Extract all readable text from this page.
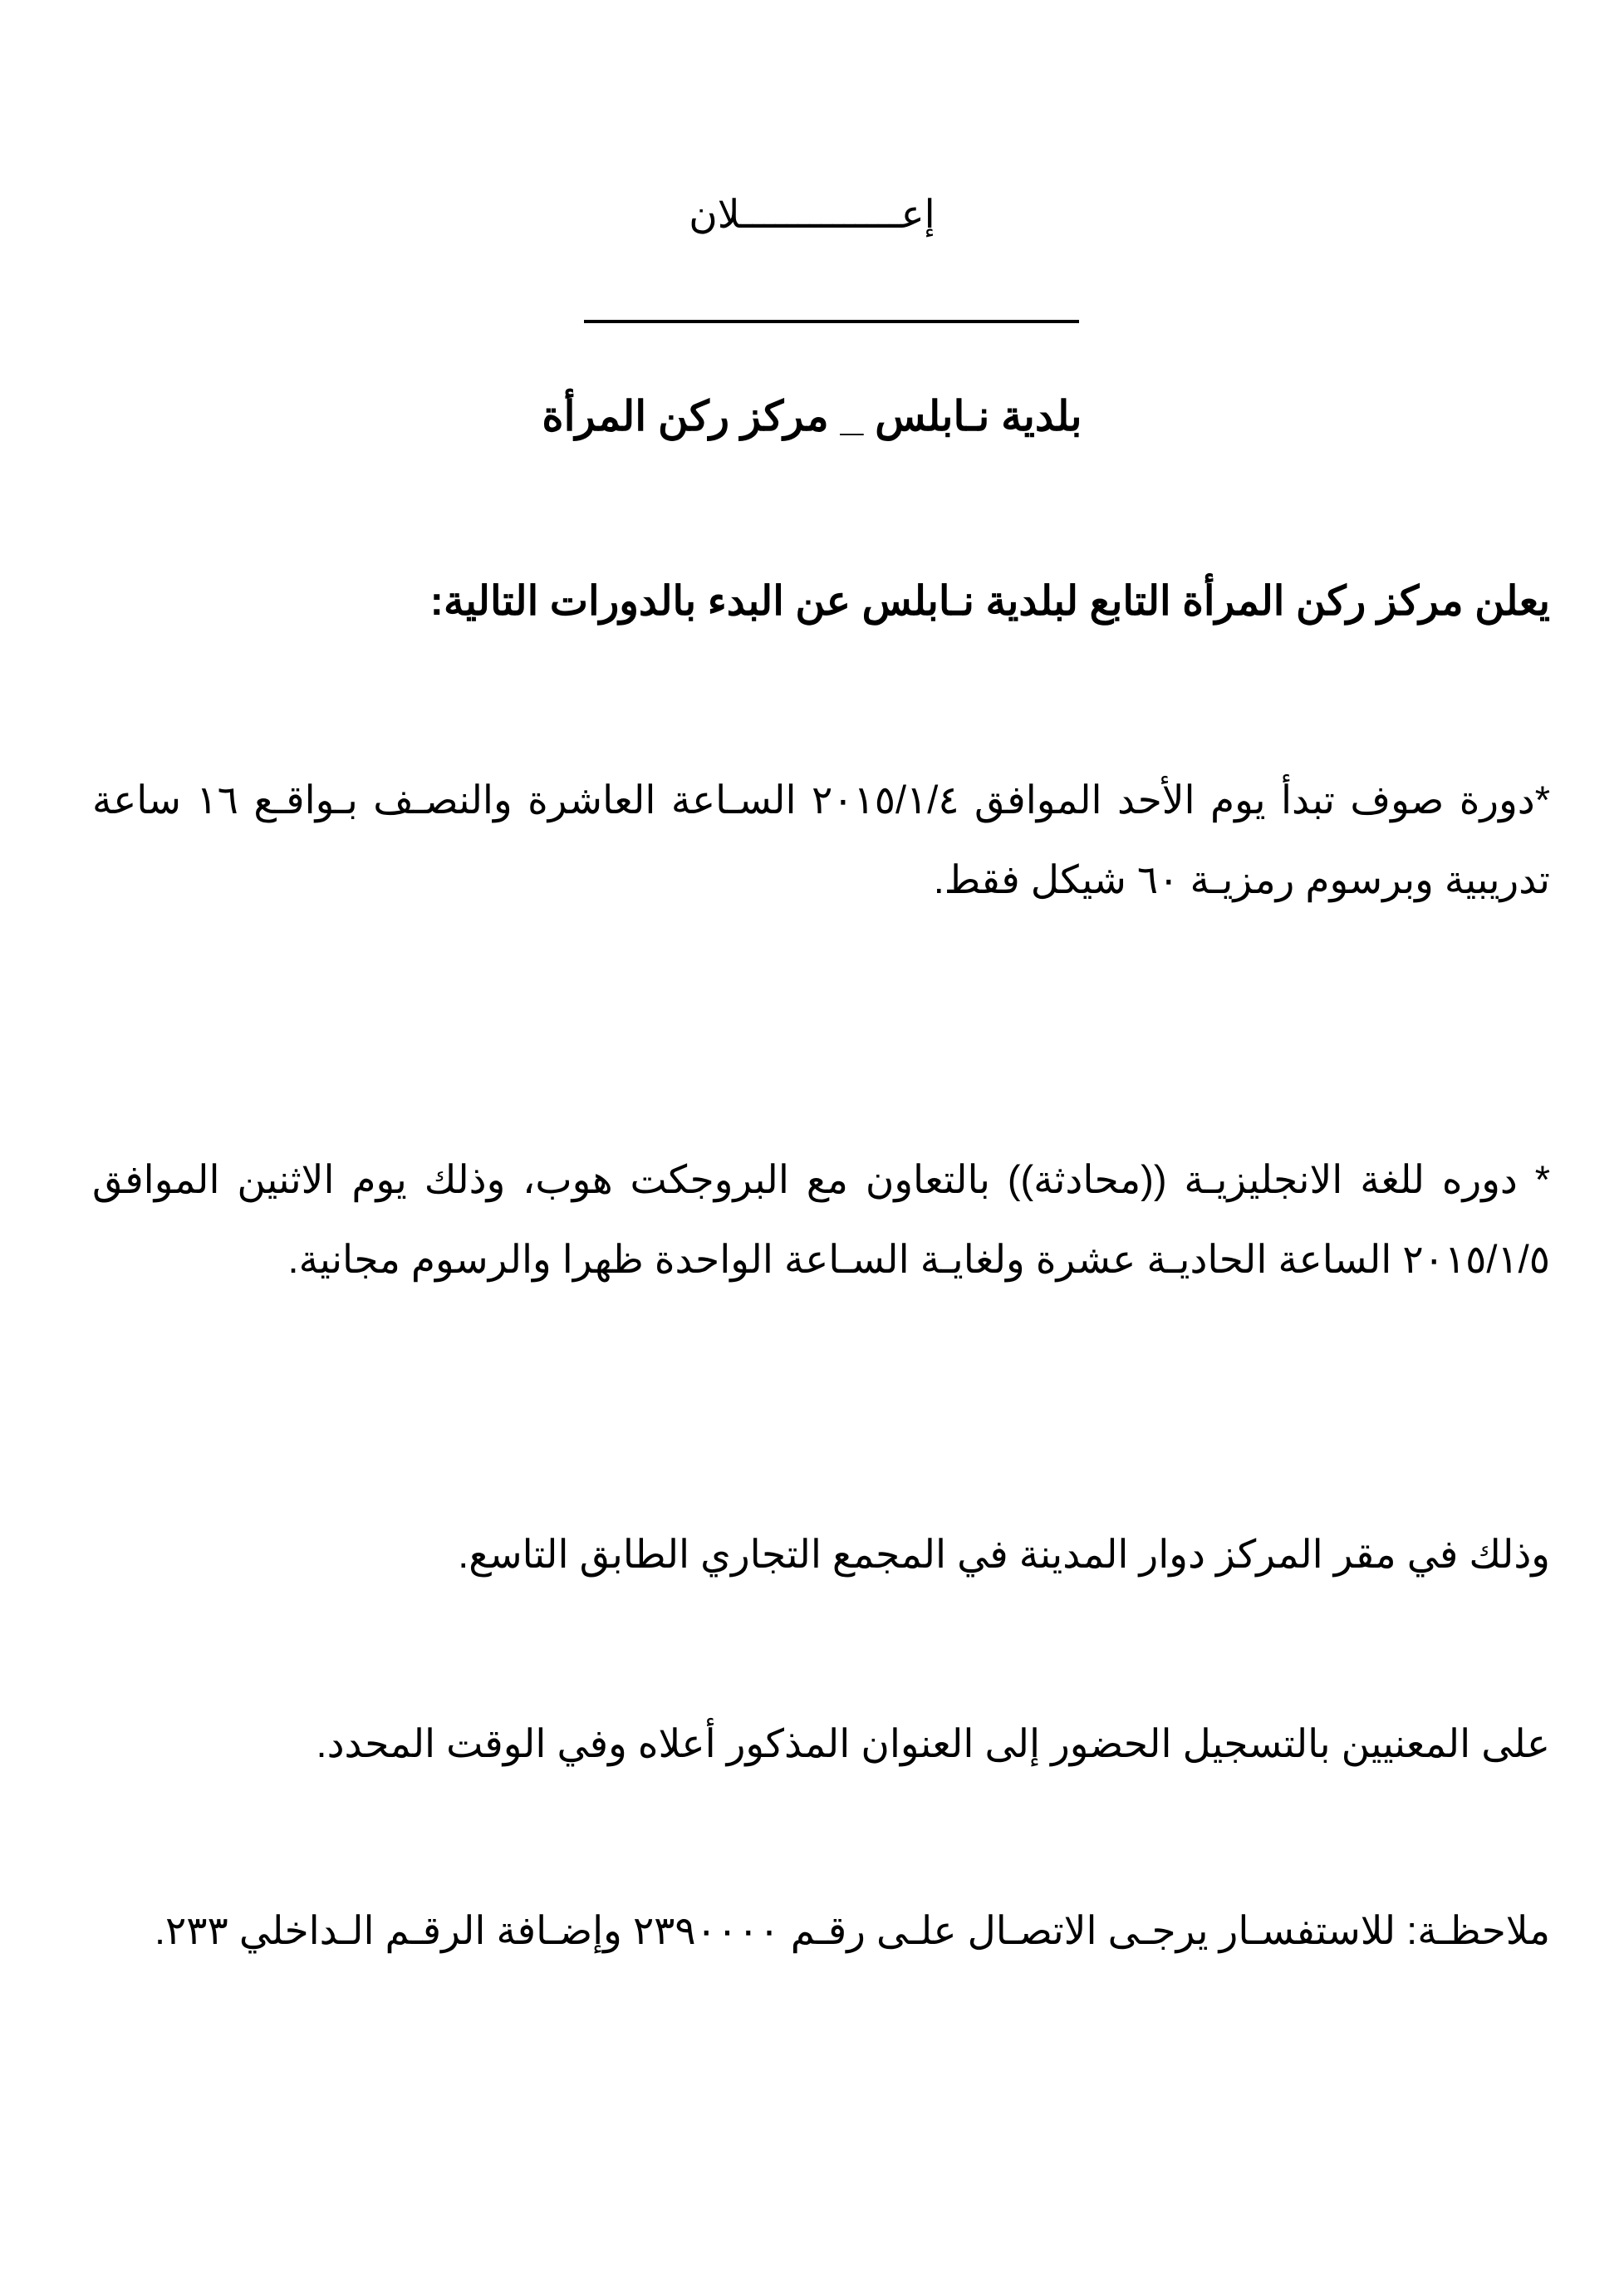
إعــــــــــــــلان
بلدية نـابلس _ مركز ركن المرأة
يعلن مركز ركن المرأة التابع لبلدية نـابلس عن البدء بالدورات التالية:
*دورة صوف تبدأ يوم الأحد الموافق ٢٠١٥/١/٤ السـاعة العاشرة والنصـف بـواقـع ١٦ ساعة تدريبية وبرسوم رمزيـة ٦٠ شيكل فقط.
* دوره للغة الانجليزيـة ((محادثة)) بالتعاون مع البروجكت هوب، وذلك يوم الاثنين الموافق ٢٠١٥/١/٥ الساعة الحاديـة عشرة ولغايـة السـاعة الواحدة ظهرا والرسوم مجانية.
وذلك في مقر المركز دوار المدينة في المجمع التجاري الطابق التاسع.
على المعنيين بالتسجيل الحضور إلى العنوان المذكور أعلاه وفي الوقت المحدد.
ملاحظـة: للاستفسـار يرجـى الاتصـال علـى رقـم ٢٣٩٠٠٠٠ وإضـافة الرقـم الـداخلي ٢٣٣.
